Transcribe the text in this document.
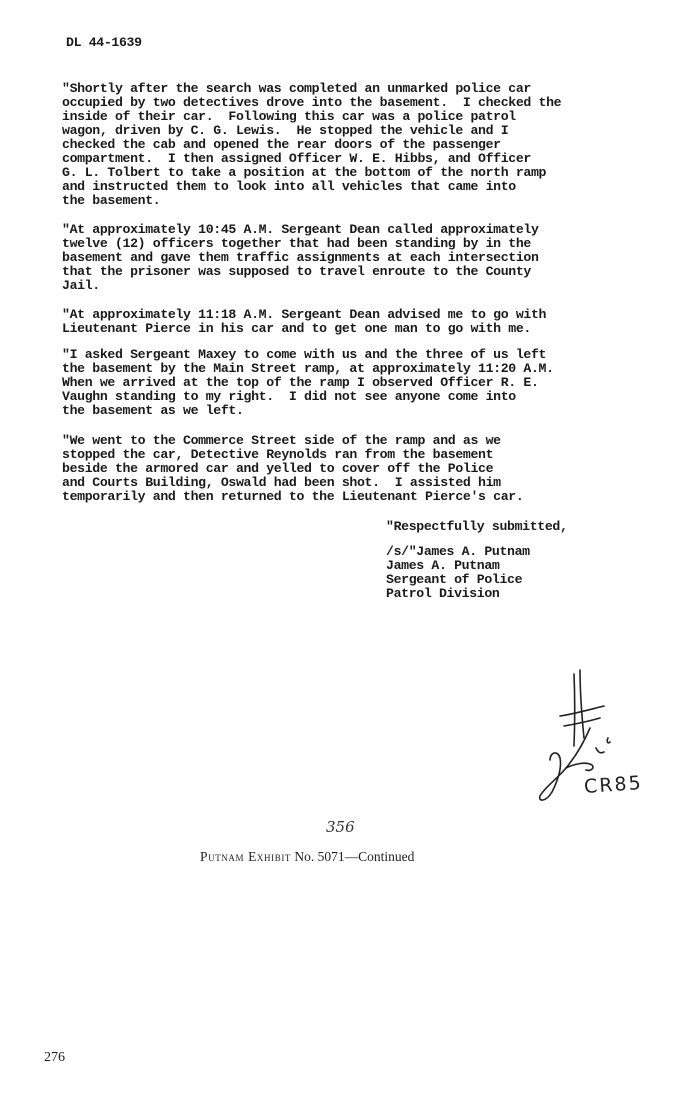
DL 44-1639
"Shortly after the search was completed an unmarked police car
occupied by two detectives drove into the basement.  I checked the
inside of their car.  Following this car was a police patrol
wagon, driven by C. G. Lewis.  He stopped the vehicle and I
checked the cab and opened the rear doors of the passenger
compartment.  I then assigned Officer W. E. Hibbs, and Officer
G. L. Tolbert to take a position at the bottom of the north ramp
and instructed them to look into all vehicles that came into
the basement.
"At approximately 10:45 A.M. Sergeant Dean called approximately
twelve (12) officers together that had been standing by in the
basement and gave them traffic assignments at each intersection
that the prisoner was supposed to travel enroute to the County
Jail.
"At approximately 11:18 A.M. Sergeant Dean advised me to go with
Lieutenant Pierce in his car and to get one man to go with me.
"I asked Sergeant Maxey to come with us and the three of us left
the basement by the Main Street ramp, at approximately 11:20 A.M.
When we arrived at the top of the ramp I observed Officer R. E.
Vaughn standing to my right.  I did not see anyone come into
the basement as we left.
"We went to the Commerce Street side of the ramp and as we
stopped the car, Detective Reynolds ran from the basement
beside the armored car and yelled to cover off the Police
and Courts Building, Oswald had been shot.  I assisted him
temporarily and then returned to the Lieutenant Pierce's car.
"Respectfully submitted,
/s/"James A. Putnam
James A. Putnam
Sergeant of Police
Patrol Division
CR85
356
Putnam Exhibit No. 5071—Continued
276
